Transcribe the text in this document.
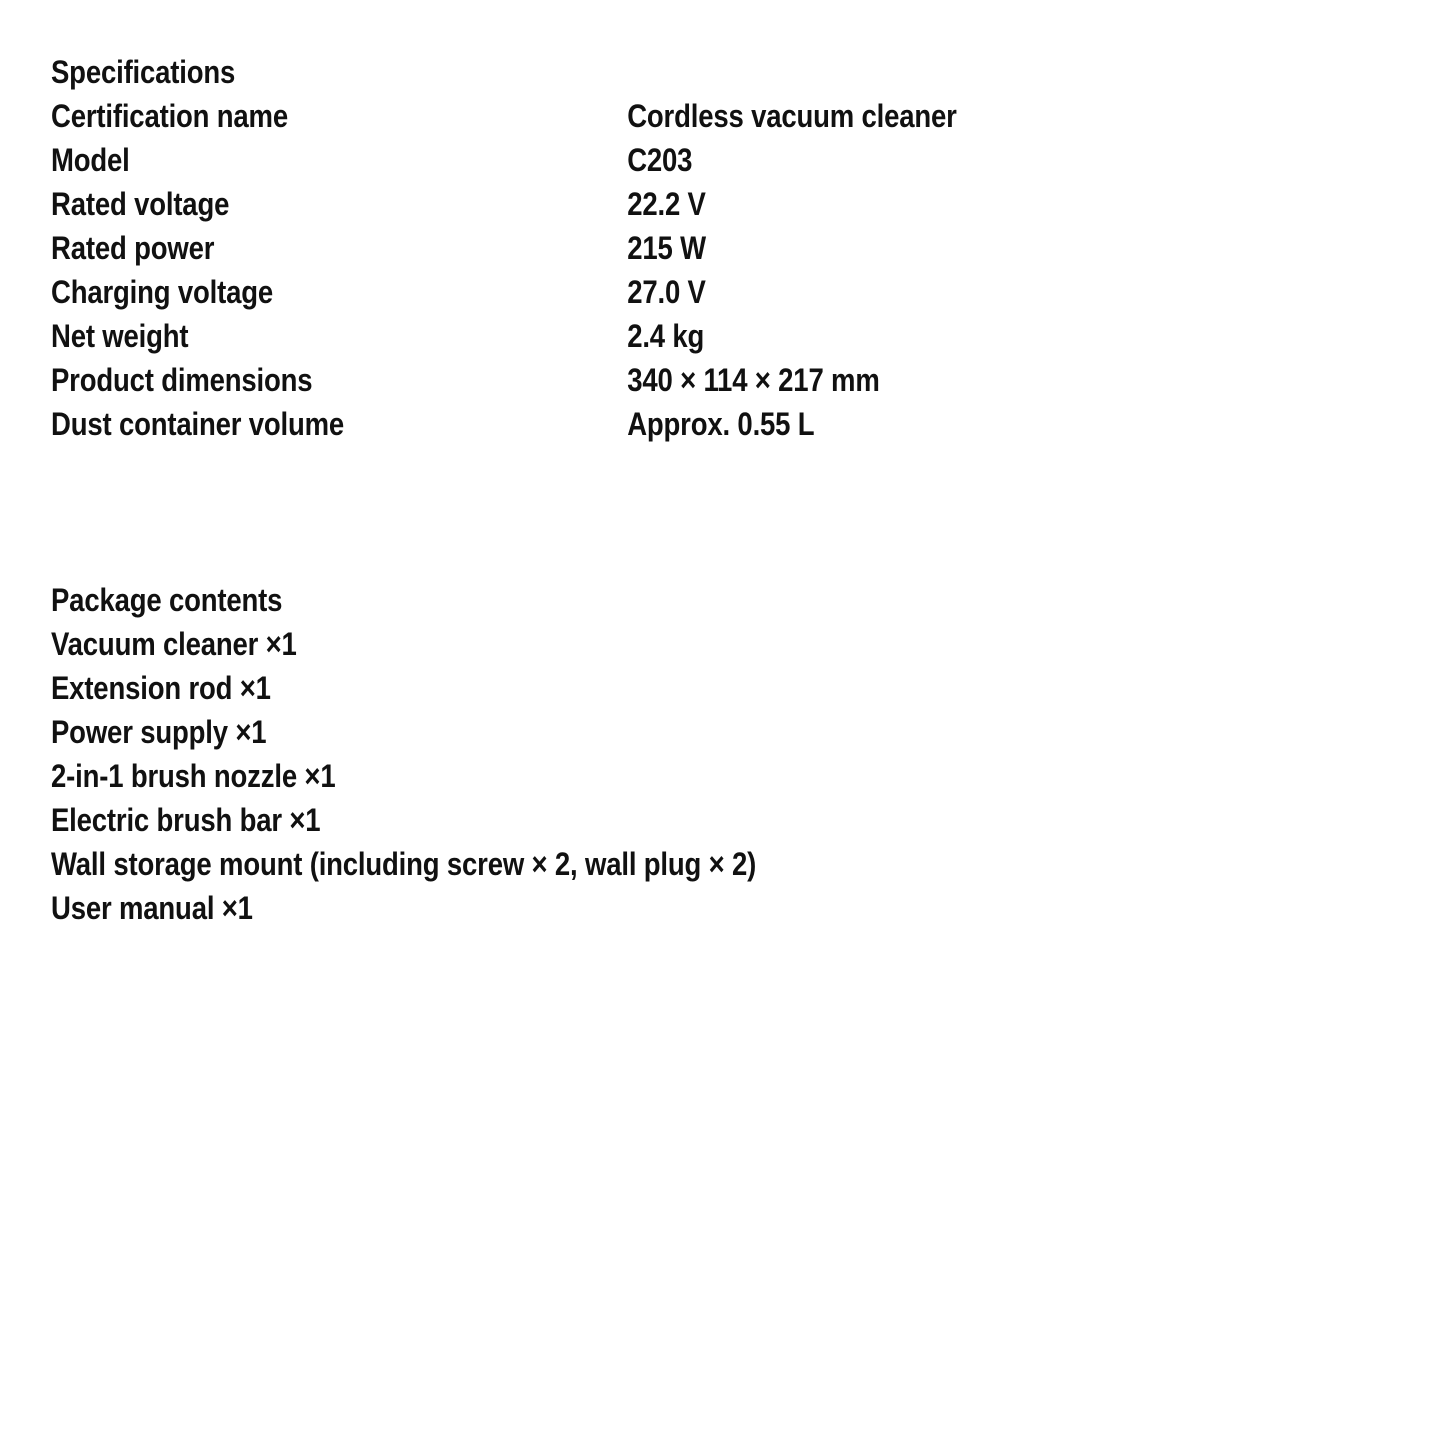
Specifications
Certification name	Cordless vacuum cleaner
Model	C203
Rated voltage	22.2 V
Rated power	215 W
Charging voltage	27.0 V
Net weight	2.4 kg
Product dimensions	340 × 114 × 217 mm
Dust container volume	Approx. 0.55 L
Package contents
Vacuum cleaner ×1
Extension rod ×1
Power supply ×1
2-in-1 brush nozzle ×1
Electric brush bar ×1
Wall storage mount (including screw × 2, wall plug × 2)
User manual ×1
